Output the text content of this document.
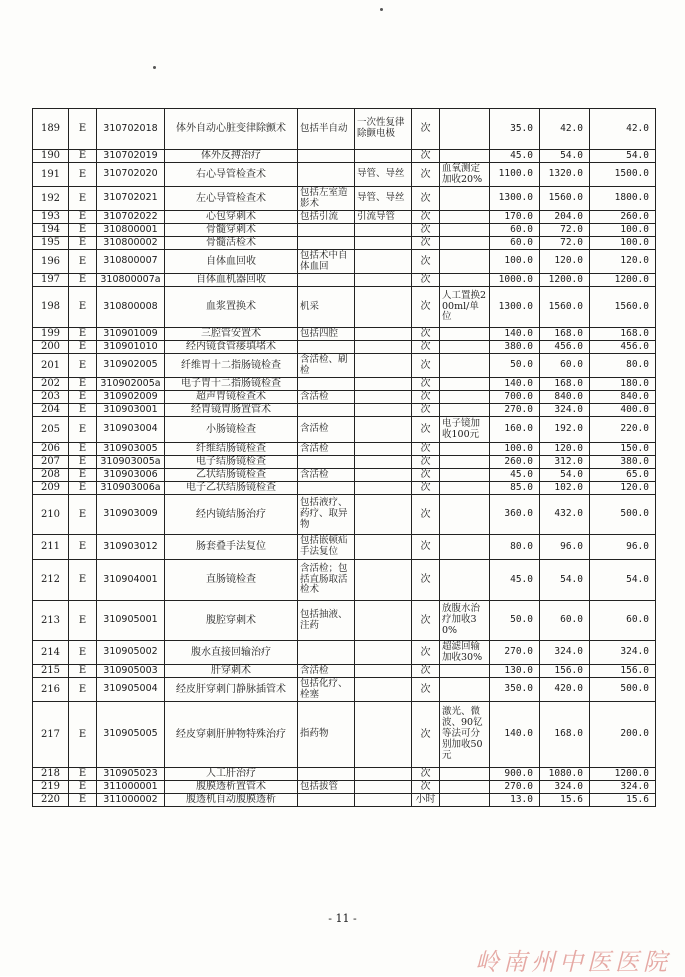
189	E	310702018	体外自动心脏变律除颤术	包括半自动	一次性复律除颤电极	次		35.0	42.0	42.0
190	E	310702019	体外反搏治疗			次		45.0	54.0	54.0
191	E	310702020	右心导管检查术		导管、导丝	次	血氧测定加收20%	1100.0	1320.0	1500.0
192	E	310702021	左心导管检查术	包括左室造影术	导管、导丝	次		1300.0	1560.0	1800.0
193	E	310702022	心包穿刺术	包括引流	引流导管	次		170.0	204.0	260.0
194	E	310800001	骨髓穿刺术			次		60.0	72.0	100.0
195	E	310800002	骨髓活检术			次		60.0	72.0	100.0
196	E	310800007	自体血回收	包括术中自体血回		次		100.0	120.0	120.0
197	E	310800007a	自体血机器回收			次		1000.0	1200.0	1200.0
198	E	310800008	血浆置换术	机采		次	人工置换200ml/单位	1300.0	1560.0	1560.0
199	E	310901009	三腔管安置术	包括四腔		次		140.0	168.0	168.0
200	E	310901010	经内镜食管瘘填堵术			次		380.0	456.0	456.0
201	E	310902005	纤维胃十二指肠镜检查	含活检、刷检		次		50.0	60.0	80.0
202	E	310902005a	电子胃十二指肠镜检查			次		140.0	168.0	180.0
203	E	310902009	超声胃镜检查术	含活检		次		700.0	840.0	840.0
204	E	310903001	经胃镜胃肠置管术			次		270.0	324.0	400.0
205	E	310903004	小肠镜检查	含活检		次	电子镜加收100元	160.0	192.0	220.0
206	E	310903005	纤维结肠镜检查	含活检		次		100.0	120.0	150.0
207	E	310903005a	电子结肠镜检查			次		260.0	312.0	380.0
208	E	310903006	乙状结肠镜检查	含活检		次		45.0	54.0	65.0
209	E	310903006a	电子乙状结肠镜检查			次		85.0	102.0	120.0
210	E	310903009	经内镜结肠治疗	包括液疗、药疗、取异物		次		360.0	432.0	500.0
211	E	310903012	肠套叠手法复位	包括嵌顿疝手法复位		次		80.0	96.0	96.0
212	E	310904001	直肠镜检查	含活检；包括直肠取活检术		次		45.0	54.0	54.0
213	E	310905001	腹腔穿刺术	包括抽液、注药		次	放腹水治疗加收30%	50.0	60.0	60.0
214	E	310905002	腹水直接回输治疗			次	超滤回输加收30%	270.0	324.0	324.0
215	E	310905003	肝穿刺术	含活检		次		130.0	156.0	156.0
216	E	310905004	经皮肝穿刺门静脉插管术	包括化疗、栓塞		次		350.0	420.0	500.0
217	E	310905005	经皮穿刺肝肿物特殊治疗	指药物		次	激光、微波、90钇等法可分别加收50元	140.0	168.0	200.0
218	E	310905023	人工肝治疗			次		900.0	1080.0	1200.0
219	E	311000001	腹膜透析置管术	包括拔管		次		270.0	324.0	324.0
220	E	311000002	腹透机自动腹膜透析			小时		13.0	15.6	15.6
- 11 -
岭南州中医医院
